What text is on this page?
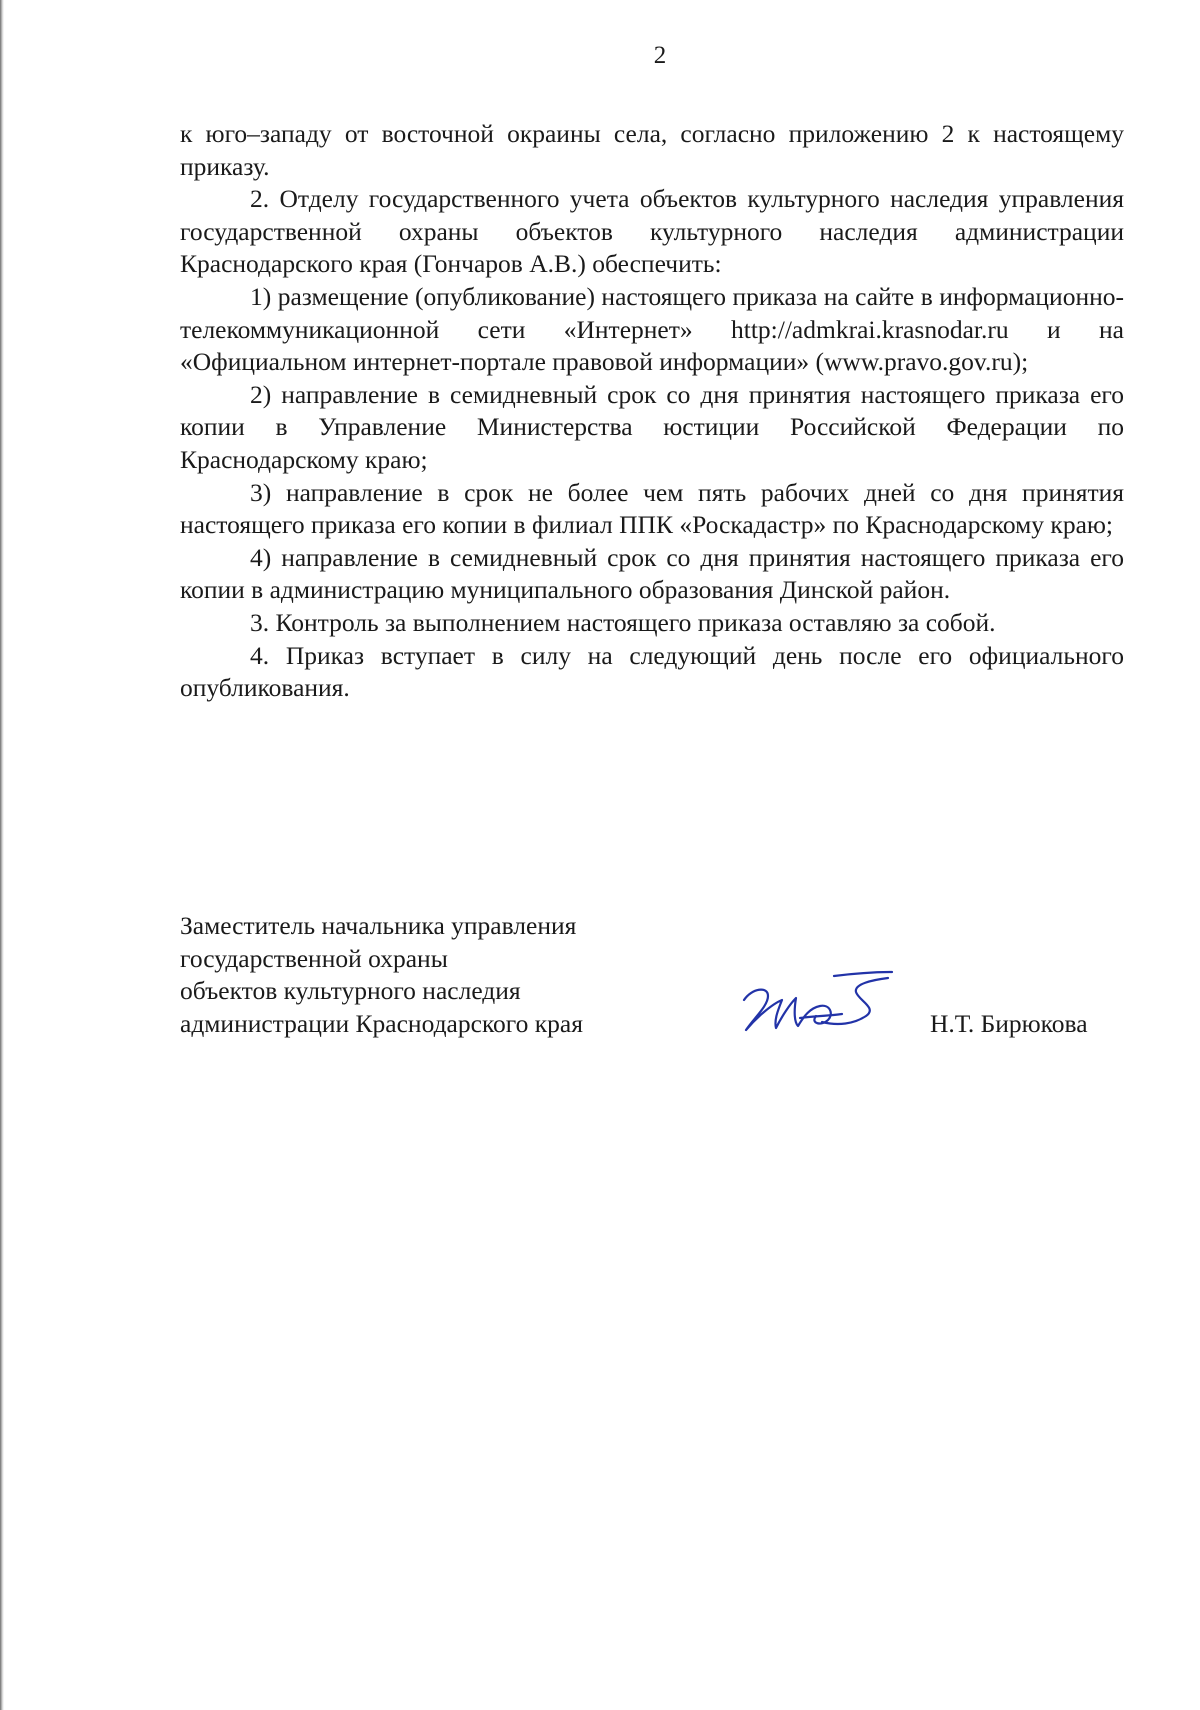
2

к юго–западу от восточной окраины села, согласно приложению 2 к настоящему приказу.

2. Отделу государственного учета объектов культурного наследия управления государственной охраны объектов культурного наследия администрации Краснодарского края (Гончаров А.В.) обеспечить:

1) размещение (опубликование) настоящего приказа на сайте в информационно-телекоммуникационной сети «Интернет» http://admkrai.krasnodar.ru и на «Официальном интернет-портале правовой информации» (www.pravo.gov.ru);

2) направление в семидневный срок со дня принятия настоящего приказа его копии в Управление Министерства юстиции Российской Федерации по Краснодарскому краю;

3) направление в срок не более чем пять рабочих дней со дня принятия настоящего приказа его копии в филиал ППК «Роскадастр» по Краснодарскому краю;

4) направление в семидневный срок со дня принятия настоящего приказа его копии в администрацию муниципального образования Динской район.

3. Контроль за выполнением настоящего приказа оставляю за собой.

4. Приказ вступает в силу на следующий день после его официального опубликования.

Заместитель начальника управления
государственной охраны
объектов культурного наследия
администрации Краснодарского края	Н.Т. Бирюкова
